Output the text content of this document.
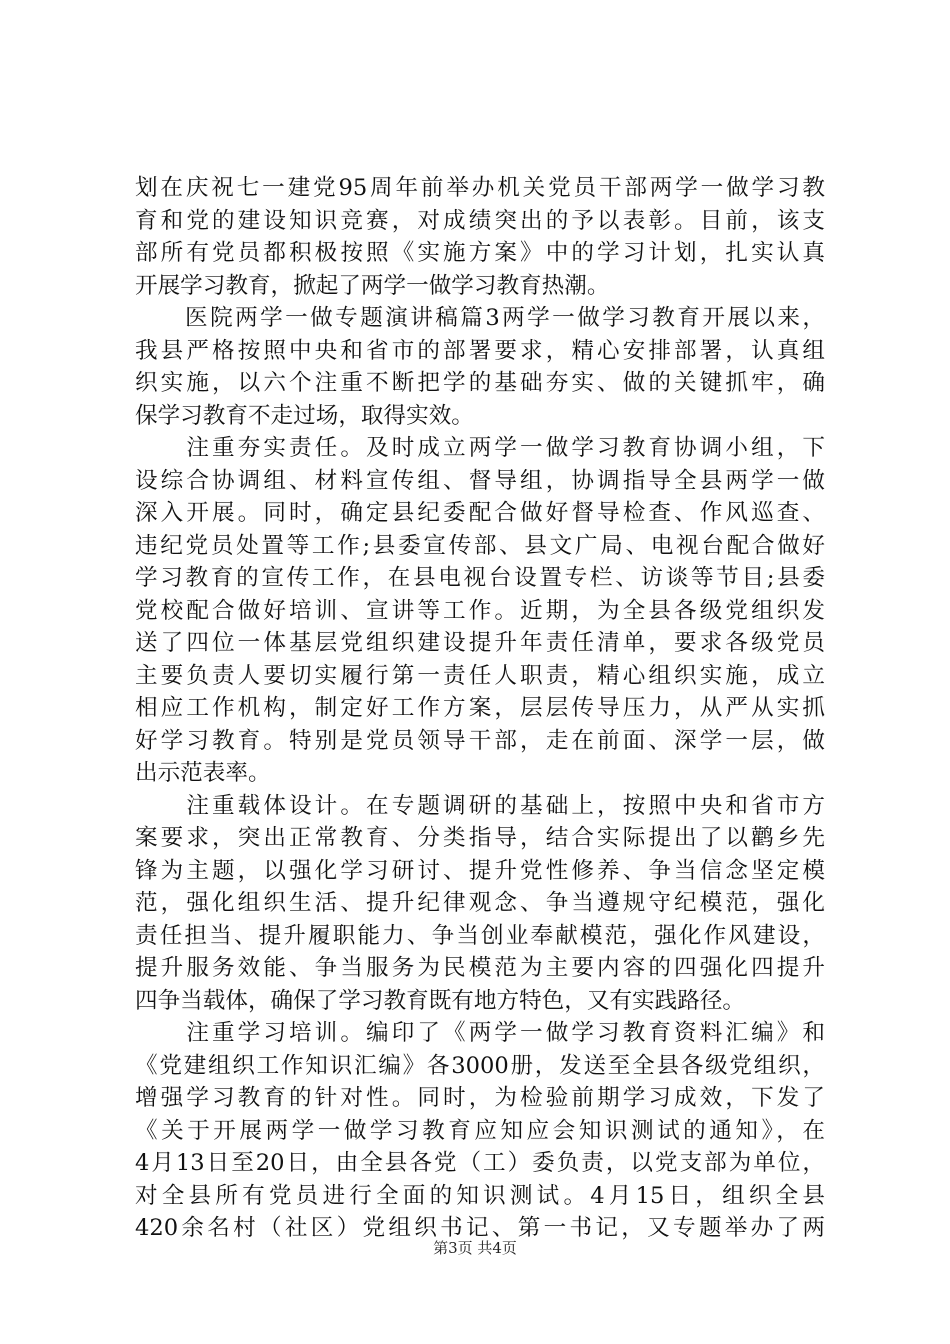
划在庆祝七一建党95周年前举办机关党员干部两学一做学习教
育和党的建设知识竞赛，对成绩突出的予以表彰。目前，该支
部所有党员都积极按照《实施方案》中的学习计划，扎实认真
开展学习教育，掀起了两学一做学习教育热潮。
　　医院两学一做专题演讲稿篇3两学一做学习教育开展以来，
我县严格按照中央和省市的部署要求，精心安排部署，认真组
织实施，以六个注重不断把学的基础夯实、做的关键抓牢，确
保学习教育不走过场，取得实效。
　　注重夯实责任。及时成立两学一做学习教育协调小组，下
设综合协调组、材料宣传组、督导组，协调指导全县两学一做
深入开展。同时，确定县纪委配合做好督导检查、作风巡查、
违纪党员处置等工作;县委宣传部、县文广局、电视台配合做好
学习教育的宣传工作，在县电视台设置专栏、访谈等节目;县委
党校配合做好培训、宣讲等工作。近期，为全县各级党组织发
送了四位一体基层党组织建设提升年责任清单，要求各级党员
主要负责人要切实履行第一责任人职责，精心组织实施，成立
相应工作机构，制定好工作方案，层层传导压力，从严从实抓
好学习教育。特别是党员领导干部，走在前面、深学一层，做
出示范表率。
　　注重载体设计。在专题调研的基础上，按照中央和省市方
案要求，突出正常教育、分类指导，结合实际提出了以鹳乡先
锋为主题，以强化学习研讨、提升党性修养、争当信念坚定模
范，强化组织生活、提升纪律观念、争当遵规守纪模范，强化
责任担当、提升履职能力、争当创业奉献模范，强化作风建设，
提升服务效能、争当服务为民模范为主要内容的四强化四提升
四争当载体，确保了学习教育既有地方特色，又有实践路径。
　　注重学习培训。编印了《两学一做学习教育资料汇编》和
《党建组织工作知识汇编》各3000册，发送至全县各级党组织，
增强学习教育的针对性。同时，为检验前期学习成效，下发了
《关于开展两学一做学习教育应知应会知识测试的通知》，在
4月13日至20日，由全县各党（工）委负责，以党支部为单位，
对全县所有党员进行全面的知识测试。4月15日，组织全县
420余名村（社区）党组织书记、第一书记，又专题举办了两
第3页 共4页
